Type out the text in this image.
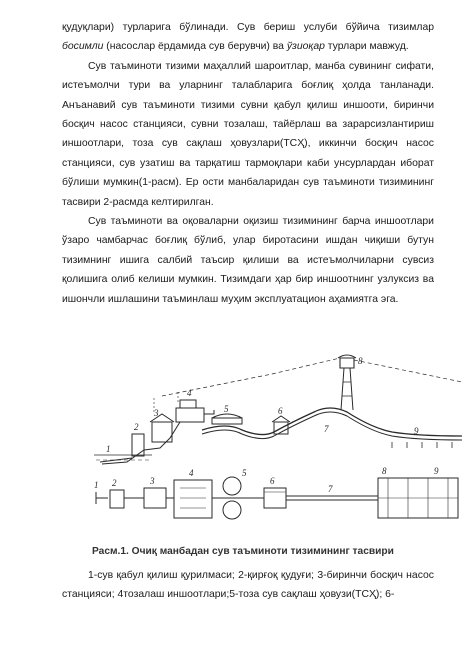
қудуқлари) турларига бўлинади. Сув бериш услуби бўйича тизимлар босимли (насослар ёрдамида сув берувчи) ва ўзиоқар турлари мавжуд.

Сув таъминоти тизими маҳаллий шароитлар, манба сувининг сифати, истеъмолчи тури ва уларнинг талабларига боғлиқ ҳолда танланади. Анъанавий сув таъминоти тизими сувни қабул қилиш иншооти, биринчи босқич насос станцияси, сувни тозалаш, тайёрлаш ва зарарсизлантириш иншоотлари, тоза сув сақлаш ҳовузлари(ТСҲ), иккинчи босқич насос станцияси, сув узатиш ва тарқатиш тармоқлари каби унсурлардан иборат бўлиши мумкин(1-расм). Ер ости манбаларидан сув таъминоти тизимининг тасвири 2-расмда келтирилган.

Сув таъминоти ва оқоваларни оқизиш тизимининг барча иншоотлари ўзаро чамбарчас боғлиқ бўлиб, улар биротасини ишдан чиқиши бутун тизимнинг ишига салбий таъсир қилиши ва истеъмолчиларни сувсиз қолишига олиб келиши мумкин. Тизимдаги ҳар бир иншоотнинг узлуксиз ва ишончли ишлашини таъминлаш муҳим эксплуатацион аҳамиятга эга.

1
2
3
4
5	6
7
8
9
1 2	3
4	5
6
7
8	9
Расм.1. Очиқ манбадан сув таъминоти тизимининг тасвири

1-сув қабул қилиш қурилмаси; 2-қирғоқ қудуғи; 3-биринчи босқич насос станцияси; 4тозалаш иншоотлари;5-тоза сув сақлаш ҳовузи(ТСҲ); 6-
